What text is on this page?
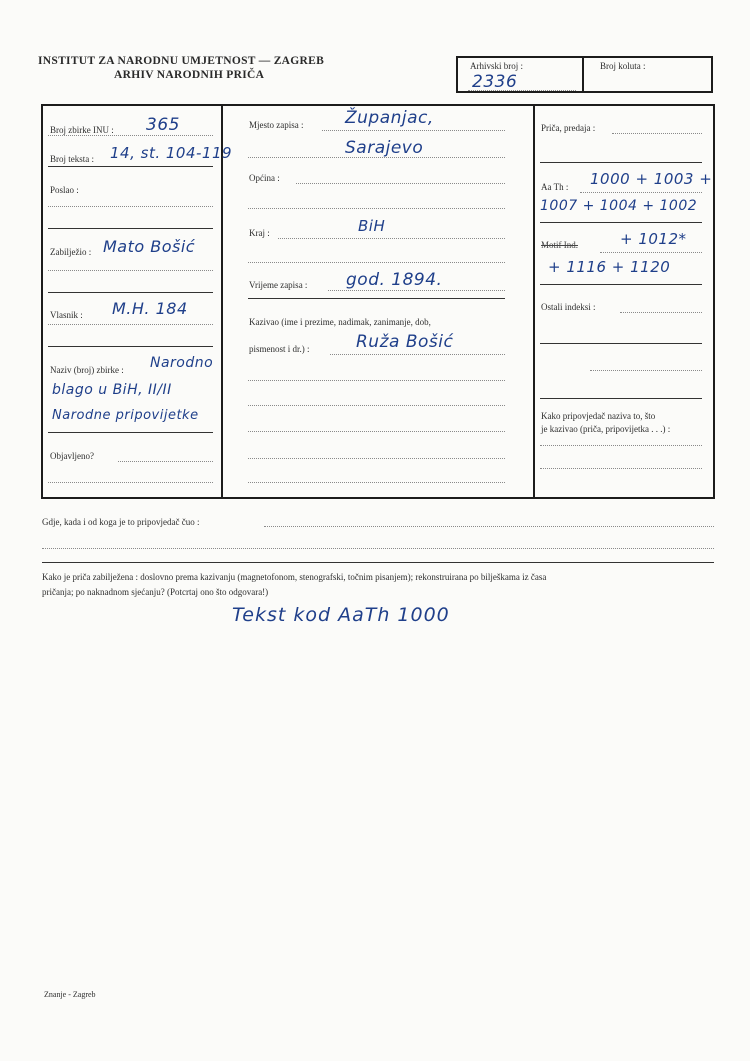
INSTITUT ZA NARODNU UMJETNOST — ZAGREB
ARHIV NARODNIH PRIČA
Arhivski broj :
2336
Broj koluta :
Broj zbirke INU : 365
Broj teksta : 14, st. 104-119
Poslao :
Zabilježio : Mato Bošić
Vlasnik : M.H. 184
Naziv (broj) zbirke : Narodno
blago u BiH, II/II
Narodne pripovijetke
Objavljeno?
Mjesto zapisa : Županjac,
Sarajevo
Općina :
Kraj :	BiH
Vrijeme zapisa : god. 1894.
Kazivao (ime i prezime, nadimak, zanimanje, dob,
pismenost i dr.) :	Ruža Bošić
Priča, predaja :
Aa Th : 1000 + 1003 +
1007 + 1004 + 1002
Motif Ind.	+ 1012*
+ 1116 + 1120
Ostali indeksi :
Kako pripovjedač naziva to, što
je kazivao (priča, pripovijetka . . .) :
Gdje, kada i od koga je to pripovjedač čuo :
Kako je priča zabilježena : doslovno prema kazivanju (magnetofonom, stenografski, točnim pisanjem); rekonstruirana po bilješkama iz časa
pričanja; po naknadnom sjećanju? (Potcrtaj ono što odgovara!)
Tekst kod AaTh 1000
Znanje - Zagreb
